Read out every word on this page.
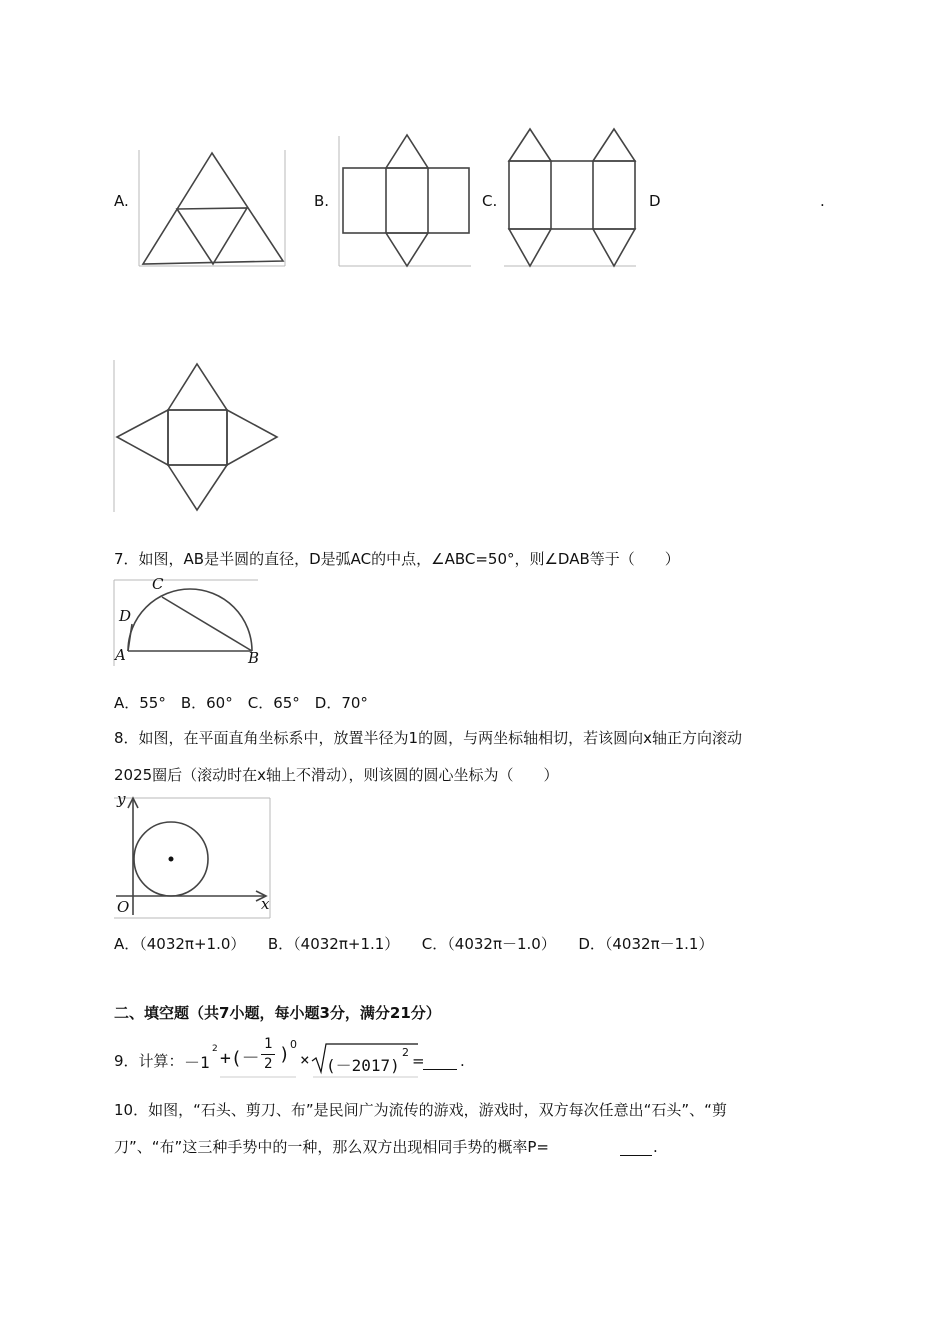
A.	B.	C.	D	.
7．如图，AB是半圆的直径，D是弧AC的中点，∠ABC=50°，则∠DAB等于（　　）
C
D
A	B
A．55°　B．60°　C．65°　D．70°
8．如图，在平面直角坐标系中，放置半径为1的圆，与两坐标轴相切，若该圆向x轴正方向滚动
2025圈后（滚动时在x轴上不滑动），则该圆的圆心坐标为（　　）
y
O	x
A．（4032π+1.0）　　B．（4032π+1.1）　　C．（4032π－1.0）　　D．（4032π－1.1）
二、填空题（共7小题，每小题3分，满分21分）
9．计算： －1
2 +(－
1
2 ) 0
× (－2017)
2 = .
10．如图，“石头、剪刀、布”是民间广为流传的游戏，游戏时，双方每次任意出“石头”、“剪
刀”、“布”这三种手势中的一种，那么双方出现相同手势的概率P=	.
